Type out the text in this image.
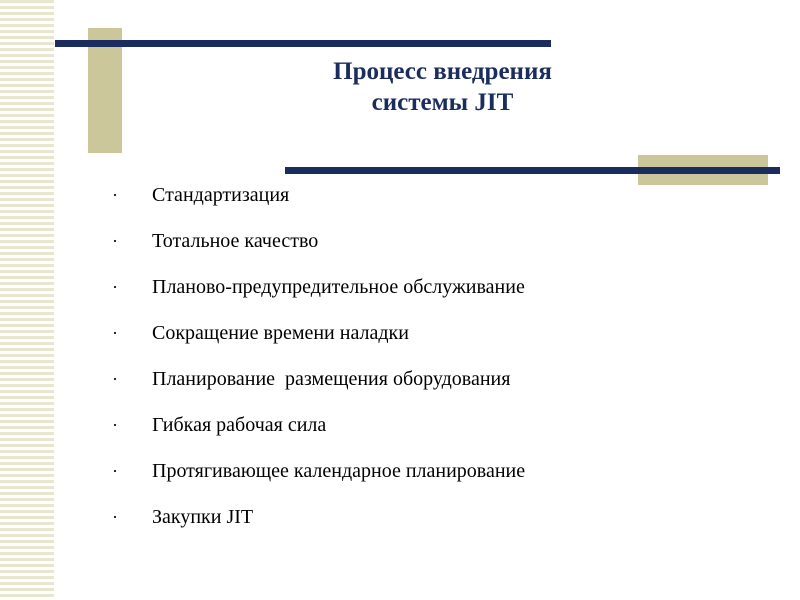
Процесс внедрения
системы JIT
·	Стандартизация
·	Тотальное качество
·	Планово-предупредительное обслуживание
·	Сокращение времени наладки
·	Планирование  размещения оборудования
·	Гибкая рабочая сила
·	Протягивающее календарное планирование
·	Закупки JIT
